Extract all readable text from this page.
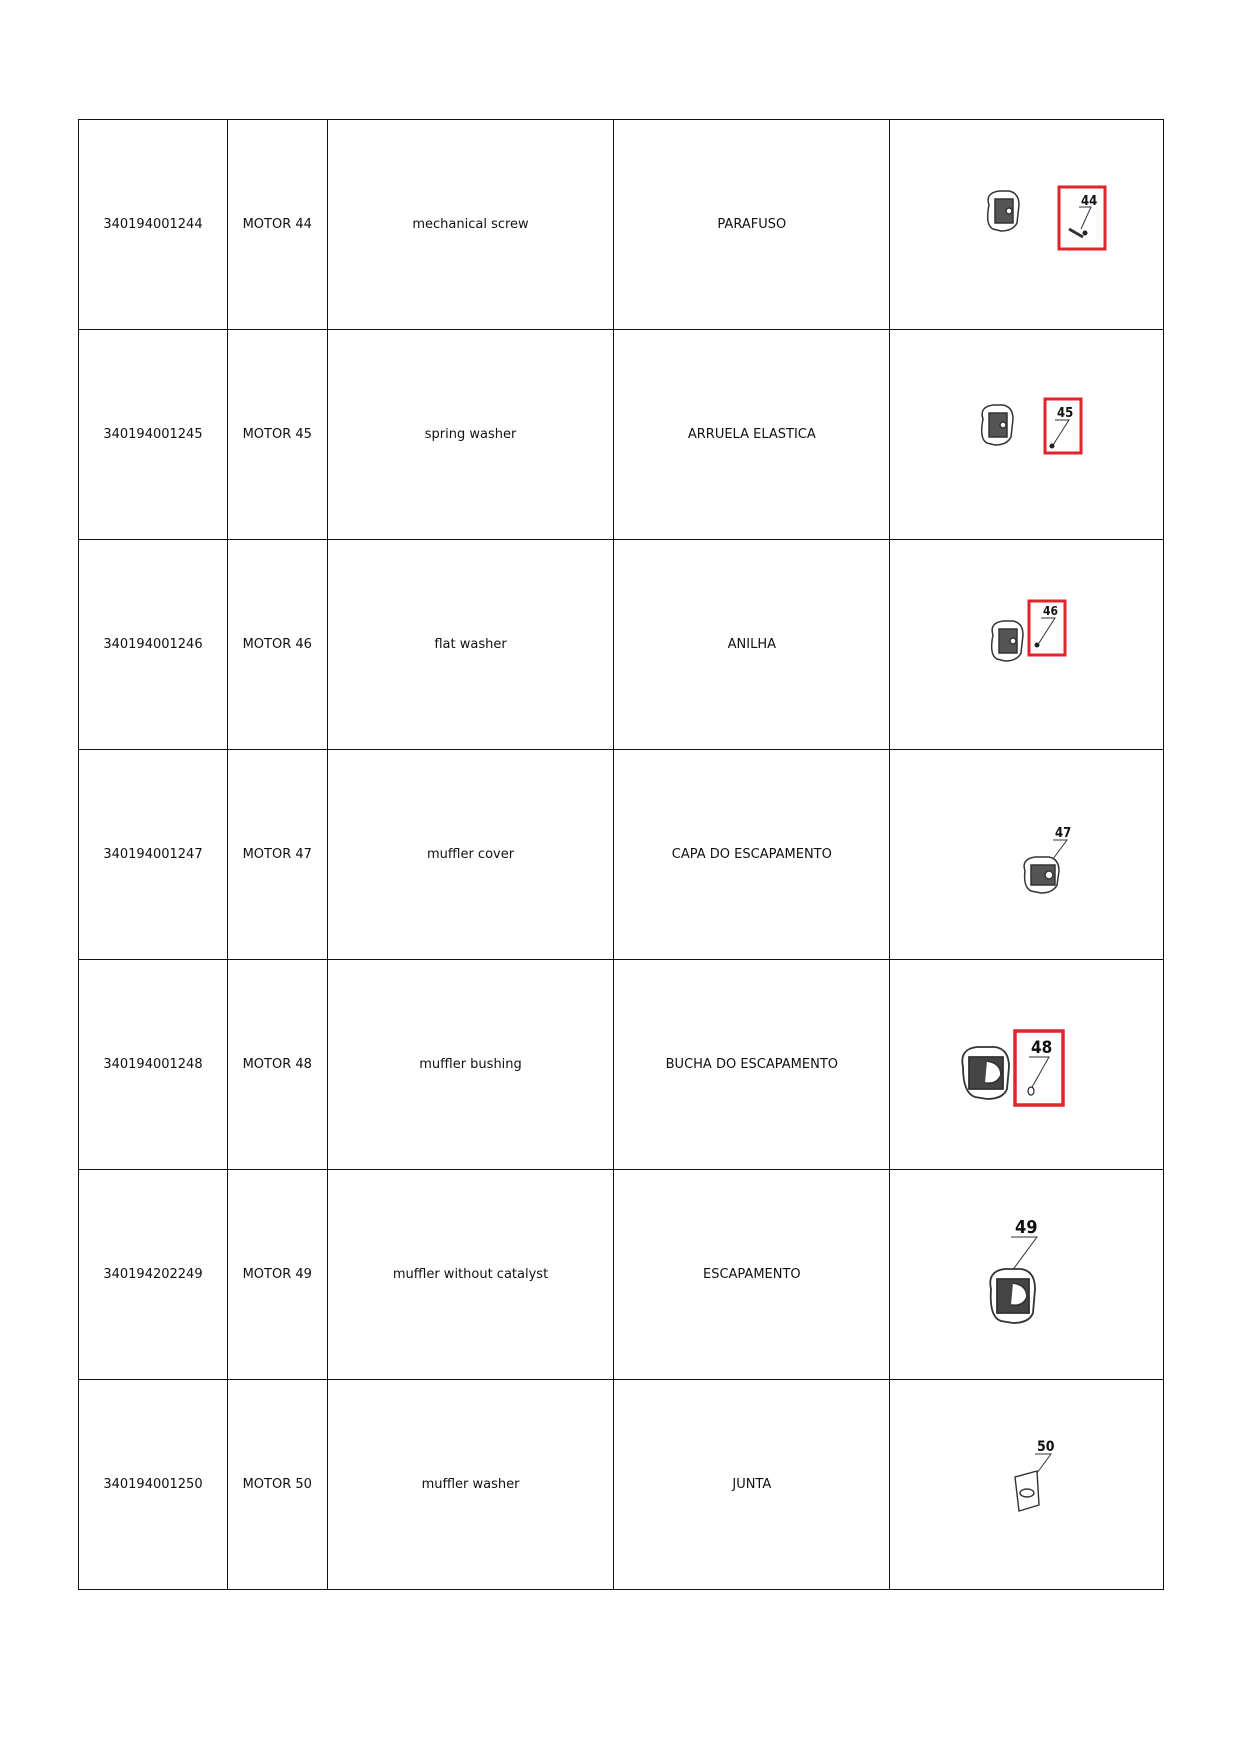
340194001244	MOTOR 44	mechanical screw	PARAFUSO	44

340194001245	MOTOR 45	spring washer	ARRUELA ELASTICA	45

340194001246	MOTOR 46	flat washer	ANILHA	46

340194001247	MOTOR 47	muffler cover	CAPA DO ESCAPAMENTO	47

340194001248	MOTOR 48	muffler bushing	BUCHA DO ESCAPAMENTO	48

340194202249	MOTOR 49	muffler without catalyst	ESCAPAMENTO	49

340194001250	MOTOR 50	muffler washer	JUNTA	50
